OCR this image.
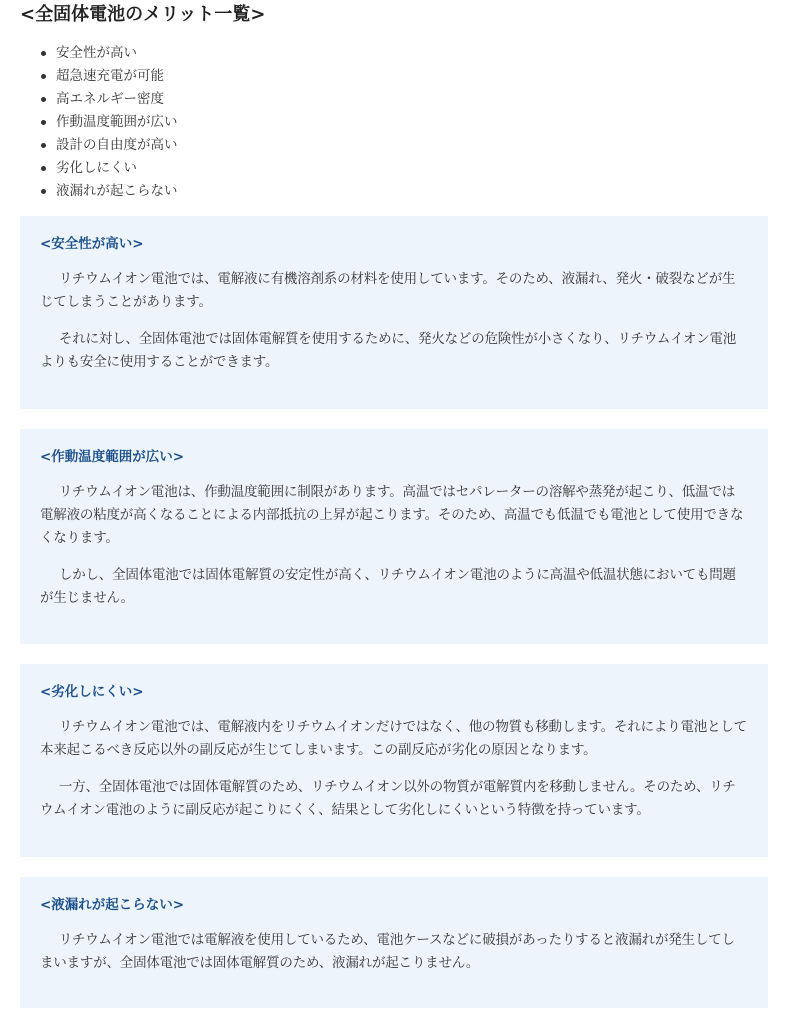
<全固体電池のメリット一覧>
安全性が高い
超急速充電が可能
高エネルギー密度
作動温度範囲が広い
設計の自由度が高い
劣化しにくい
液漏れが起こらない
<安全性が高い>

リチウムイオン電池では、電解液に有機溶剤系の材料を使用しています。そのため、液漏れ、発火・破裂などが生じてしまうことがあります。

それに対し、全固体電池では固体電解質を使用するために、発火などの危険性が小さくなり、リチウムイオン電池よりも安全に使用することができます。

<作動温度範囲が広い>

リチウムイオン電池は、作動温度範囲に制限があります。高温ではセパレーターの溶解や蒸発が起こり、低温では電解液の粘度が高くなることによる内部抵抗の上昇が起こります。そのため、高温でも低温でも電池として使用できなくなります。

しかし、全固体電池では固体電解質の安定性が高く、リチウムイオン電池のように高温や低温状態においても問題が生じません。

<劣化しにくい>

リチウムイオン電池では、電解液内をリチウムイオンだけではなく、他の物質も移動します。それにより電池として本来起こるべき反応以外の副反応が生じてしまいます。この副反応が劣化の原因となります。

一方、全固体電池では固体電解質のため、リチウムイオン以外の物質が電解質内を移動しません。そのため、リチウムイオン電池のように副反応が起こりにくく、結果として劣化しにくいという特徴を持っています。

<液漏れが起こらない>

リチウムイオン電池では電解液を使用しているため、電池ケースなどに破損があったりすると液漏れが発生してしまいますが、全固体電池では固体電解質のため、液漏れが起こりません。
